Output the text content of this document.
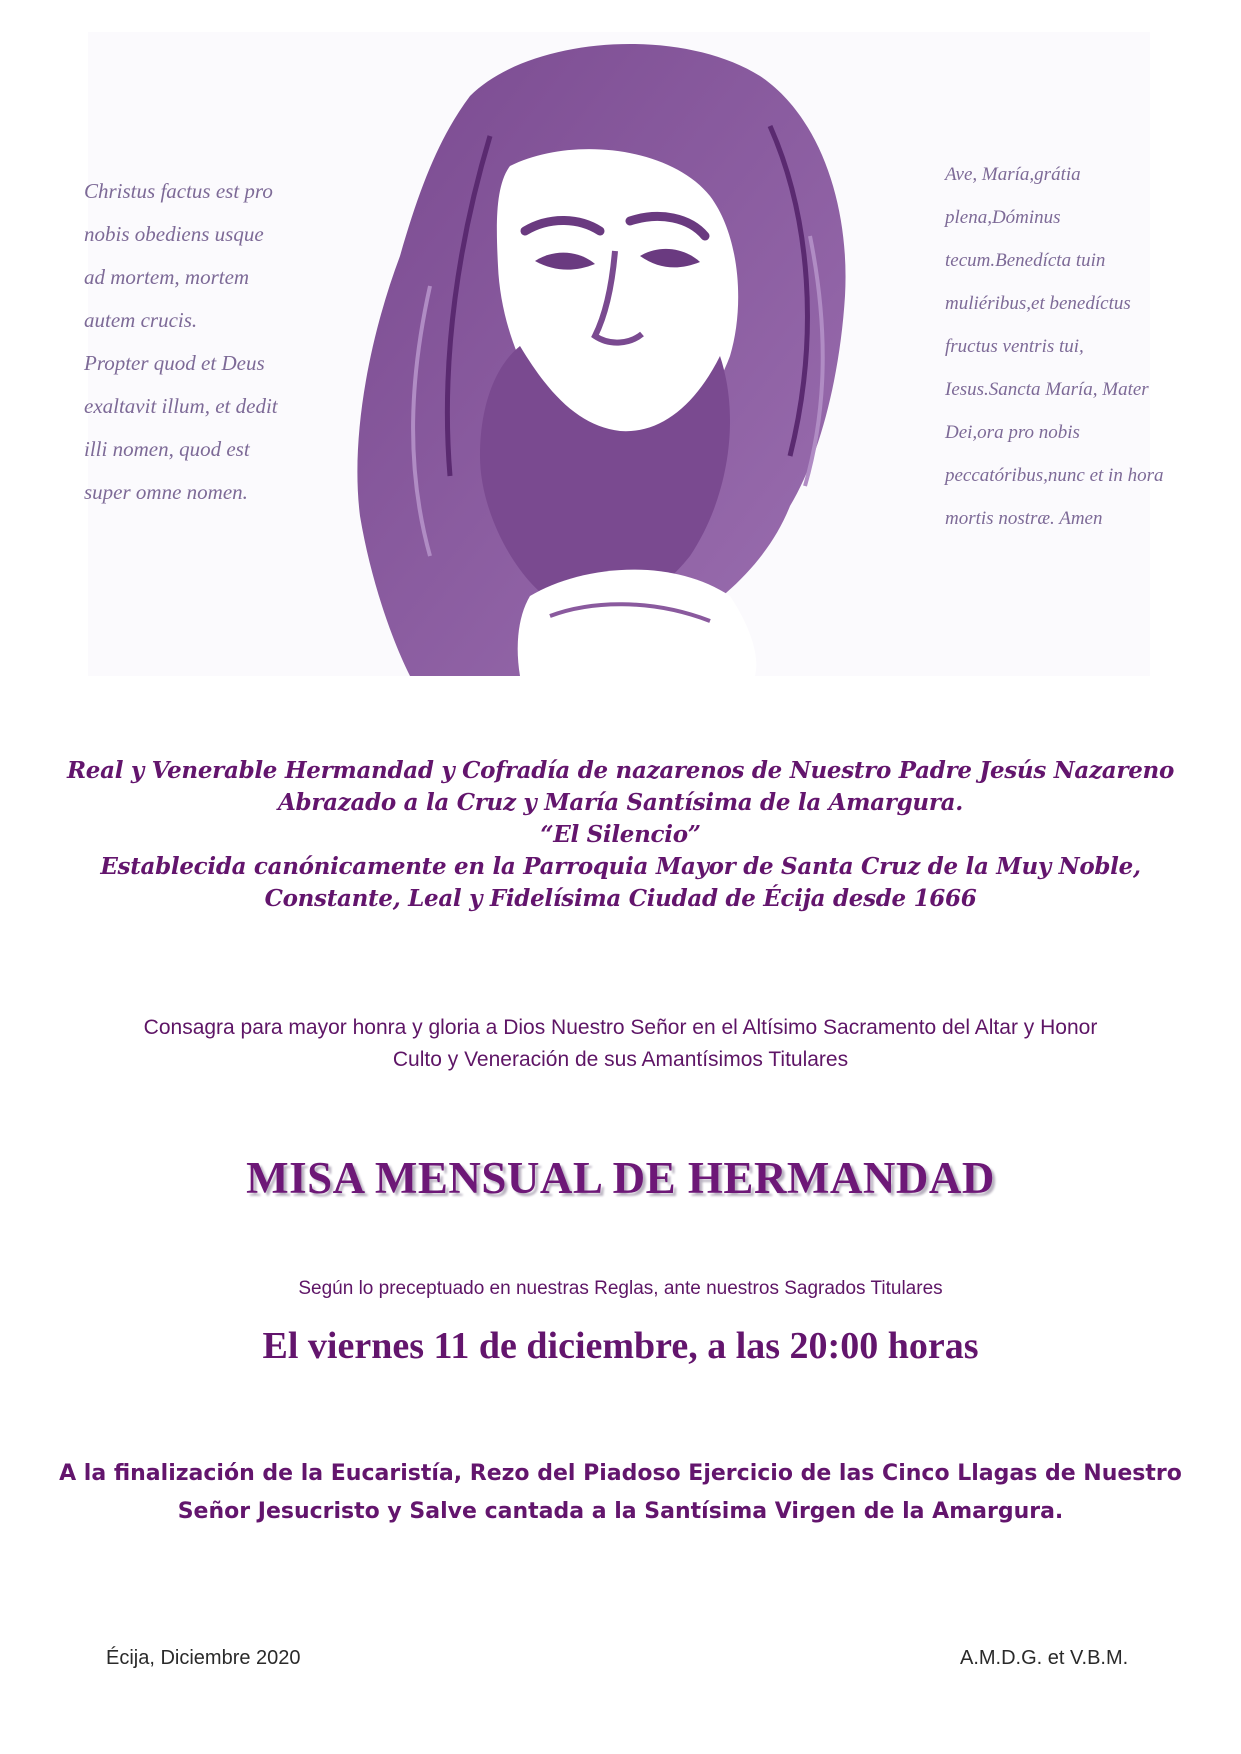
Christus factus est pro
nobis obediens usque
ad mortem, mortem
autem crucis.
Propter quod et Deus
exaltavit illum, et dedit
illi nomen, quod est
super omne nomen.

Ave, María,grátia
plena,Dóminus
tecum.Benedícta tuin
muliéribus,et benedíctus
fructus ventris tui,
Iesus.Sancta María, Mater
Dei,ora pro nobis
peccatóribus,nunc et in hora
mortis nostræ. Amen

Real y Venerable Hermandad y Cofradía de nazarenos de Nuestro Padre Jesús Nazareno
Abrazado a la Cruz y María Santísima de la Amargura.
“El Silencio”
Establecida canónicamente en la Parroquia Mayor de Santa Cruz de la Muy Noble,
Constante, Leal y Fidelísima Ciudad de Écija desde 1666

Consagra para mayor honra y gloria a Dios Nuestro Señor en el Altísimo Sacramento del Altar y Honor
Culto y Veneración de sus Amantísimos Titulares

MISA MENSUAL DE HERMANDAD

Según lo preceptuado en nuestras Reglas, ante nuestros Sagrados Titulares

El viernes 11 de diciembre, a las 20:00 horas

A la finalización de la Eucaristía, Rezo del Piadoso Ejercicio de las Cinco Llagas de Nuestro
Señor Jesucristo y Salve cantada a la Santísima Virgen de la Amargura.

Écija, Diciembre 2020	A.M.D.G. et V.B.M.
